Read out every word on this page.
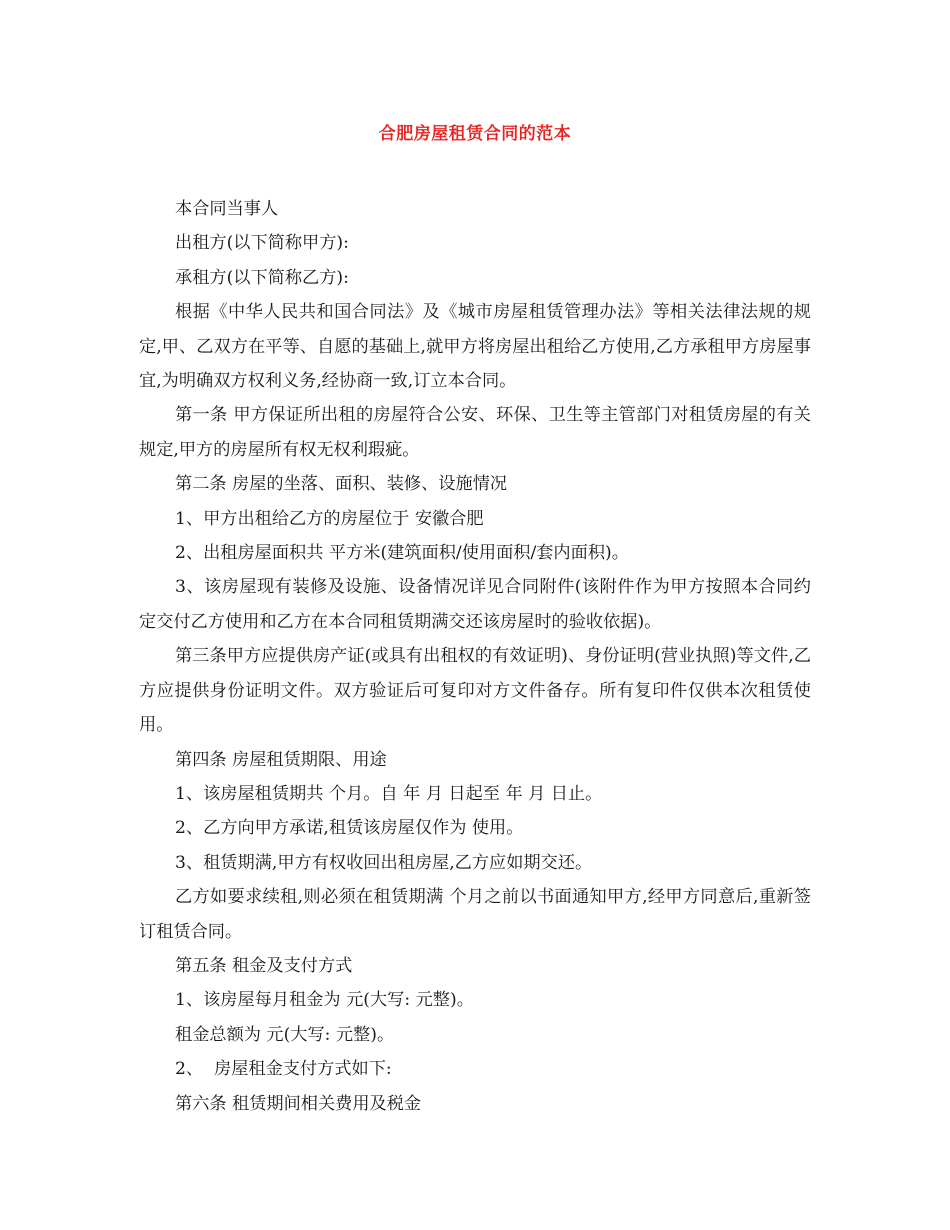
合肥房屋租赁合同的范本

本合同当事人

出租方(以下简称甲方):

承租方(以下简称乙方):

根据《中华人民共和国合同法》及《城市房屋租赁管理办法》等相关法律法规的规定,甲、乙双方在平等、自愿的基础上,就甲方将房屋出租给乙方使用,乙方承租甲方房屋事宜,为明确双方权利义务,经协商一致,订立本合同。

第一条 甲方保证所出租的房屋符合公安、环保、卫生等主管部门对租赁房屋的有关规定,甲方的房屋所有权无权利瑕疵。

第二条 房屋的坐落、面积、装修、设施情况

1、甲方出租给乙方的房屋位于 安徽合肥

2、出租房屋面积共 平方米(建筑面积/使用面积/套内面积)。

3、该房屋现有装修及设施、设备情况详见合同附件(该附件作为甲方按照本合同约定交付乙方使用和乙方在本合同租赁期满交还该房屋时的验收依据)。

第三条甲方应提供房产证(或具有出租权的有效证明)、身份证明(营业执照)等文件,乙方应提供身份证明文件。双方验证后可复印对方文件备存。所有复印件仅供本次租赁使用。

第四条 房屋租赁期限、用途

1、该房屋租赁期共 个月。自 年 月 日起至 年 月 日止。

2、乙方向甲方承诺,租赁该房屋仅作为 使用。

3、租赁期满,甲方有权收回出租房屋,乙方应如期交还。

乙方如要求续租,则必须在租赁期满 个月之前以书面通知甲方,经甲方同意后,重新签订租赁合同。

第五条 租金及支付方式

1、该房屋每月租金为 元(大写: 元整)。

租金总额为 元(大写: 元整)。

2、  房屋租金支付方式如下:

第六条 租赁期间相关费用及税金
